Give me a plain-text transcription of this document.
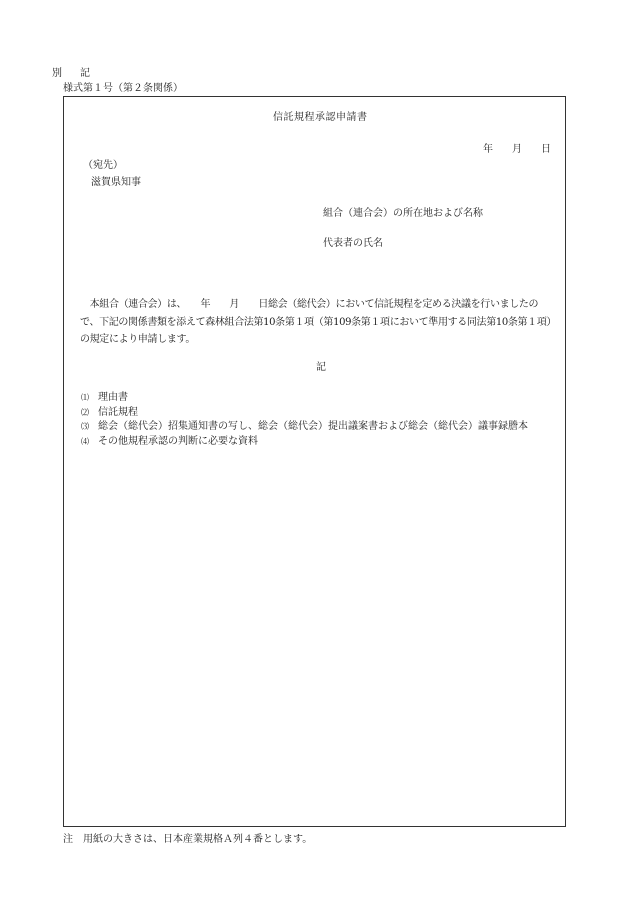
別　記
様式第１号（第２条関係）
信託規程承認申請書
年 月 日
（宛先）
滋賀県知事
組合（連合会）の所在地および名称
代表者の氏名
　本組合（連合会）は、　　年　　月　　日総会（総代会）において信託規程を定める決議を行いましたの
で、下記の関係書類を添えて森林組合法第10条第１項（第109条第１項において準用する同法第10条第１項）
の規定により申請します。
記
⑴ 理由書
⑵ 信託規程
⑶ 総会（総代会）招集通知書の写し、総会（総代会）提出議案書および総会（総代会）議事録謄本
⑷ その他規程承認の判断に必要な資料
注　用紙の大きさは、日本産業規格Ａ列４番とします。
